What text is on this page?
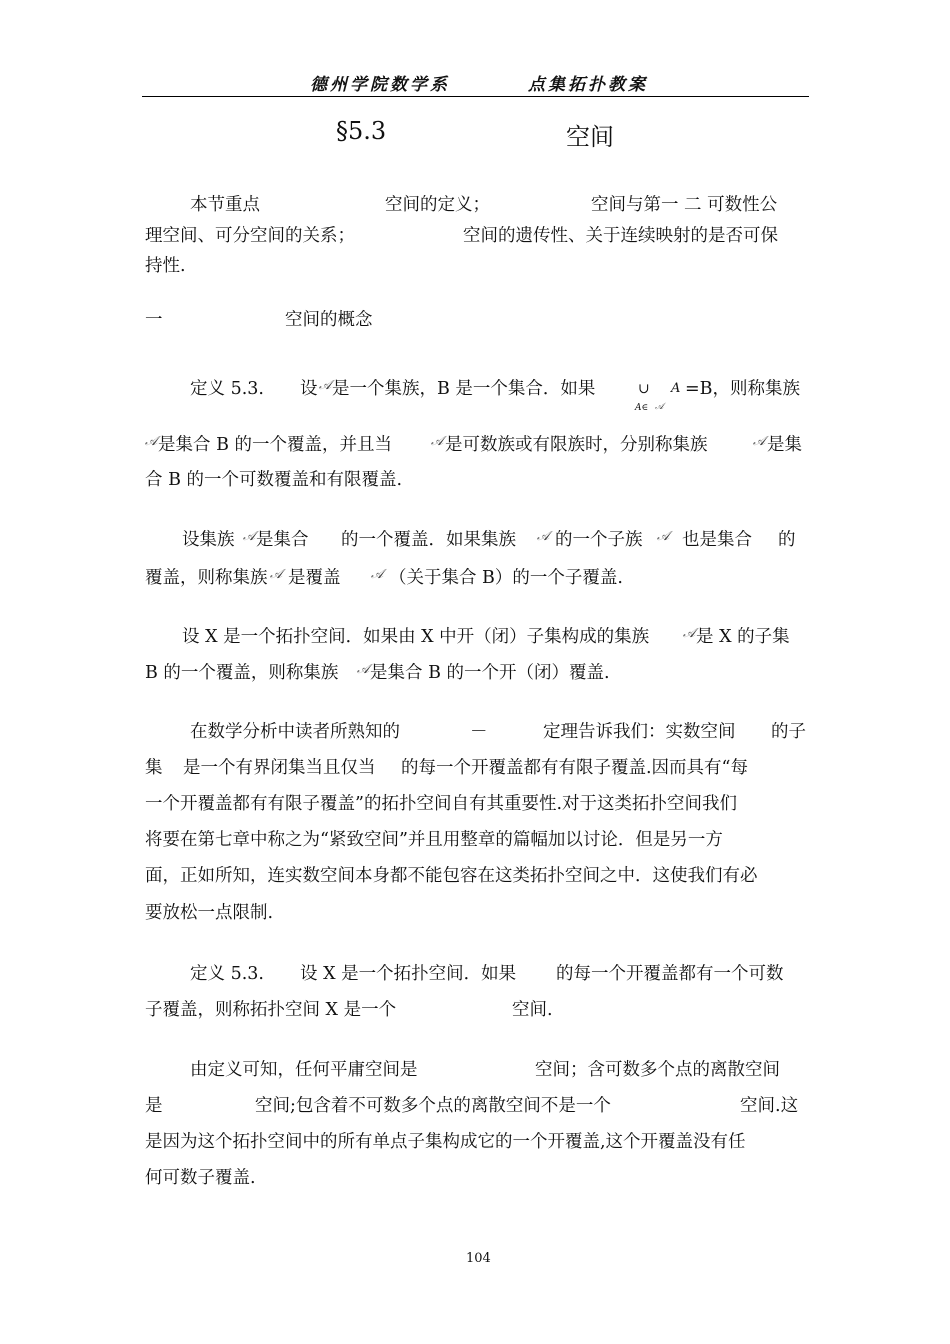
德州学院数学系	点集拓扑教案
§5.3	空间
本节重点	空间的定义；	空间与第一 二 可数性公
理空间、可分空间的关系；	空间的遗传性、关于连续映射的是否可保
持性.
一	空间的概念
定义 5.3. 设 𝒜 是一个集族，B 是一个集合．如果	∪ A
A∈ 𝒜
=B，则称集族
𝒜 是集合 B 的一个覆盖，并且当	𝒜 是可数族或有限族时，分别称集族	𝒜 是集
合 B 的一个可数覆盖和有限覆盖.
设集族 𝒜 是集合 的一个覆盖．如果集族 𝒜 的一个子族 𝒜 也是集合 的
覆盖，则称集族 𝒜 是覆盖 𝒜 （关于集合 B）的一个子覆盖.
设 X 是一个拓扑空间．如果由 X 中开（闭）子集构成的集族	𝒜 是 X 的子集
B 的一个覆盖，则称集族 𝒜 是集合 B 的一个开（闭）覆盖.
在数学分析中读者所熟知的	－	定理告诉我们：实数空间 的子
集 是一个有界闭集当且仅当 的每一个开覆盖都有有限子覆盖.因而具有“每
一个开覆盖都有有限子覆盖”的拓扑空间自有其重要性.对于这类拓扑空间我们
将要在第七章中称之为“紧致空间”并且用整章的篇幅加以讨论．但是另一方
面，正如所知，连实数空间本身都不能包容在这类拓扑空间之中．这使我们有必
要放松一点限制.
定义 5.3. 设 X 是一个拓扑空间．如果 的每一个开覆盖都有一个可数
子覆盖，则称拓扑空间 X 是一个	空间.
由定义可知，任何平庸空间是	空间；含可数多个点的离散空间
是	空间;包含着不可数多个点的离散空间不是一个	空间.这
是因为这个拓扑空间中的所有单点子集构成它的一个开覆盖,这个开覆盖没有任
何可数子覆盖.
104
